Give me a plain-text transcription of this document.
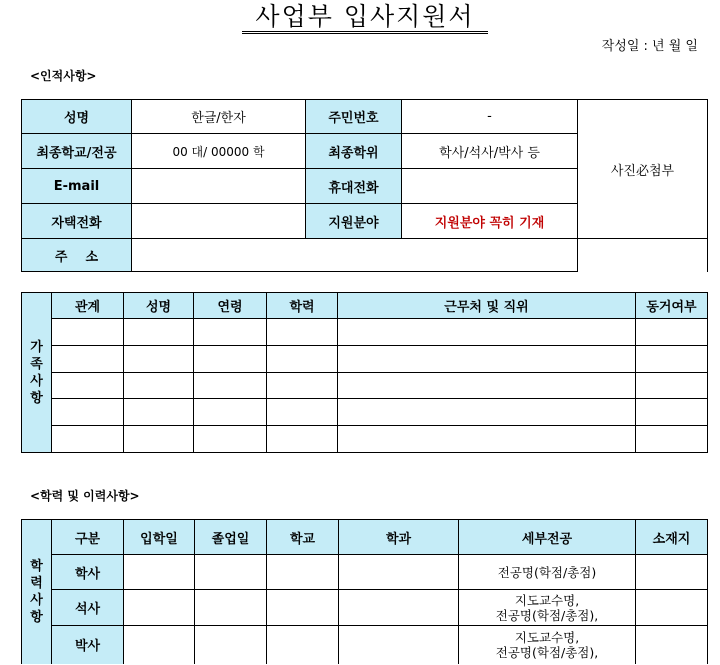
사업부 입사지원서
작성일 : 년 월 일
<인적사항>
성명	한글/한자	주민번호	-	사진必첨부
최종학교/전공	00 대/ 00000 학	최종학위	학사/석사/박사 등	
E-mail		휴대전화		
자택전화		지원분야	지원분야 꼭히 기재	
주    소				
가
족
사
항	관계	성명	연령	학력	근무처 및 직위	동거여부

<학력 및 이력사항>
학
력
사
항	구분	입학일	졸업일	학교	학과	세부전공	소재지
	학사					전공명(학점/총점)	

	석사					지도교수명,
전공명(학점/총점),	

	박사					지도교수명,
전공명(학점/총점),	
